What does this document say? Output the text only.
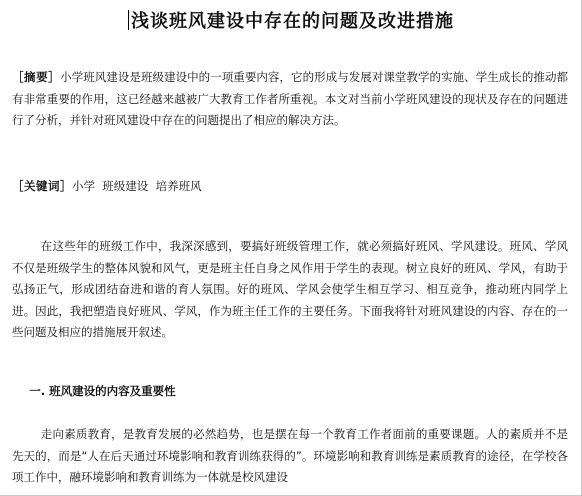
浅谈班风建设中存在的问题及改进措施
［摘要］小学班风建设是班级建设中的一项重要内容，它的形成与发展对课堂教学的实施、学生成长的推动都有非常重要的作用，这已经越来越被广大教育工作者所重视。本文对当前小学班风建设的现状及存在的问题进行了分析，并针对班风建设中存在的问题提出了相应的解决方法。
［关键词］小学  班级建设  培养班风
在这些年的班级工作中，我深深感到，要搞好班级管理工作，就必须搞好班风、学风建设。班风、学风不仅是班级学生的整体风貌和风气，更是班主任自身之风作用于学生的表现。树立良好的班风、学风，有助于弘扬正气，形成团结奋进和谐的育人氛围。好的班风、学风会使学生相互学习、相互竞争，推动班内同学上进。因此，我把塑造良好班风、学风，作为班主任工作的主要任务。下面我将针对班风建设的内容、存在的一些问题及相应的措施展开叙述。
一. 班风建设的内容及重要性
走向素质教育，是教育发展的必然趋势，也是摆在每一个教育工作者面前的重要课题。人的素质并不是先天的，而是“人在后天通过环境影响和教育训练获得的”。环境影响和教育训练是素质教育的途径，在学校各项工作中，融环境影响和教育训练为一体就是校风建设
